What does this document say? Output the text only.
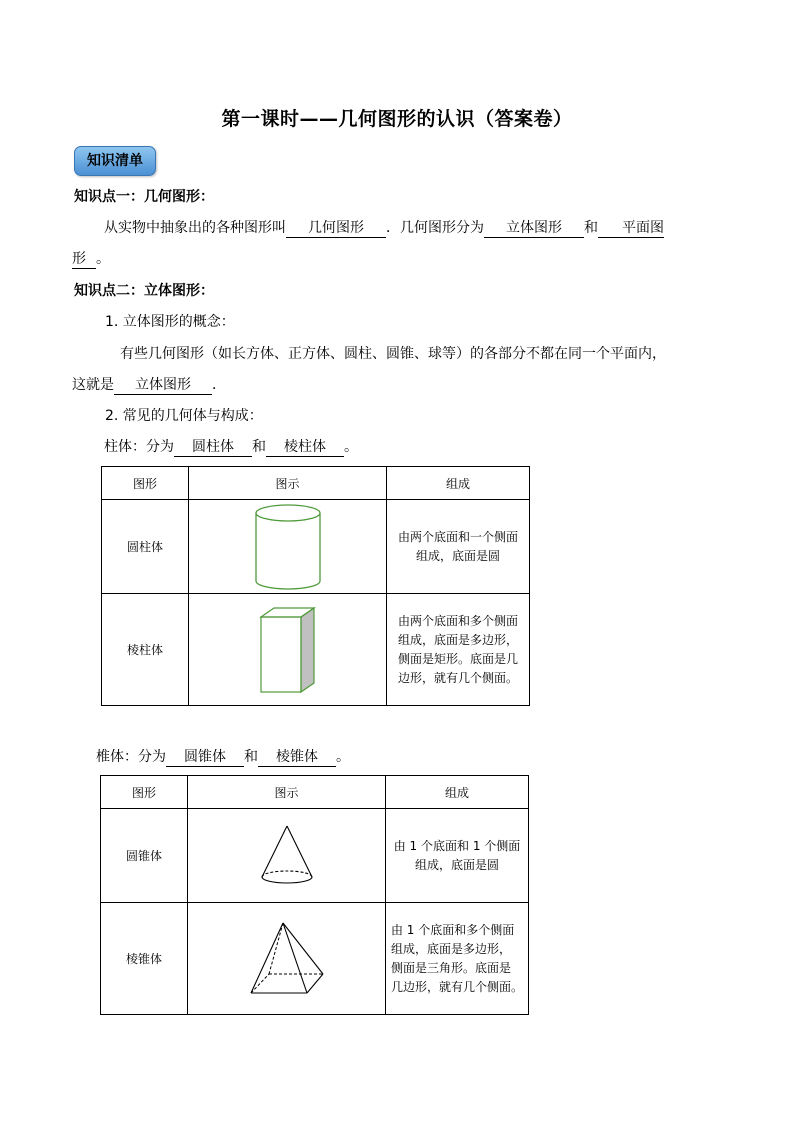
第一课时——几何图形的认识（答案卷）
知识清单
知识点一：几何图形：
从实物中抽象出的各种图形叫 几何图形 ．几何图形分为 立体图形 和 平面图
形 。
知识点二：立体图形：
1. 立体图形的概念：
有些几何图形（如长方体、正方体、圆柱、圆锥、球等）的各部分不都在同一个平面内，
这就是 立体图形 ．
2. 常见的几何体与构成：
柱体：分为 圆柱体 和 棱柱体 。
图形	图示	组成
圆柱体		由两个底面和一个侧面
组成，底面是圆
棱柱体		由两个底面和多个侧面
组成，底面是多边形，
侧面是矩形。底面是几
边形，就有几个侧面。
椎体：分为 圆锥体 和 棱锥体 。
图形	图示	组成
圆锥体		由 1 个底面和 1 个侧面
组成，底面是圆
棱锥体		由 1 个底面和多个侧面
组成，底面是多边形，
侧面是三角形。底面是
几边形，就有几个侧面。
